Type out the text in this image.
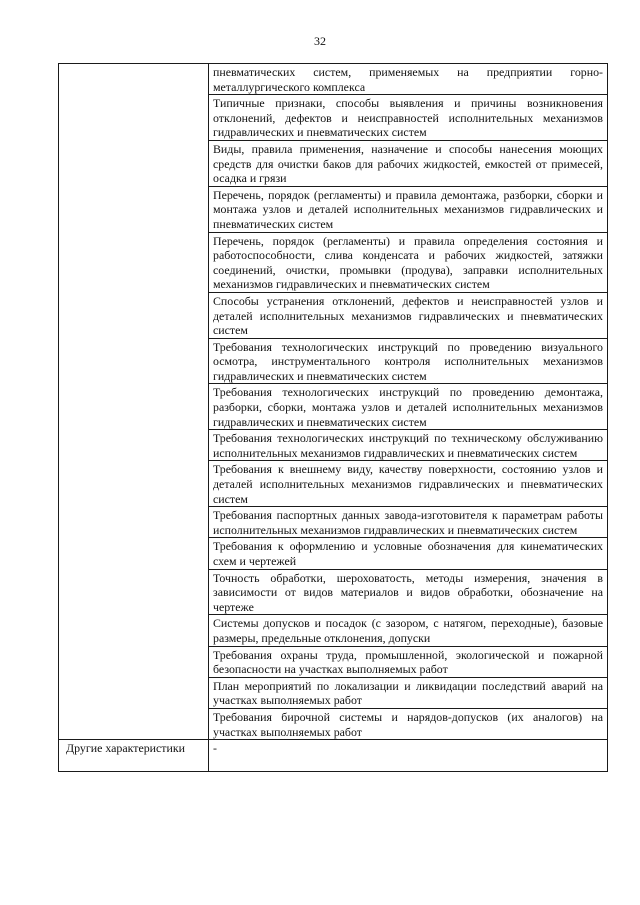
32
	пневматических систем, применяемых на предприятии горно-металлургического комплекса
	Типичные признаки, способы выявления и причины возникновения отклонений, дефектов и неисправностей исполнительных механизмов гидравлических и пневматических систем
	Виды, правила применения, назначение и способы нанесения моющих средств для очистки баков для рабочих жидкостей, емкостей от примесей, осадка и грязи
	Перечень, порядок (регламенты) и правила демонтажа, разборки, сборки и монтажа узлов и деталей исполнительных механизмов гидравлических и пневматических систем
	Перечень, порядок (регламенты) и правила определения состояния и работоспособности, слива конденсата и рабочих жидкостей, затяжки соединений, очистки, промывки (продува), заправки исполнительных механизмов гидравлических и пневматических систем
	Способы устранения отклонений, дефектов и неисправностей узлов и деталей исполнительных механизмов гидравлических и пневматических систем
	Требования технологических инструкций по проведению визуального осмотра, инструментального контроля исполнительных механизмов гидравлических и пневматических систем
	Требования технологических инструкций по проведению демонтажа, разборки, сборки, монтажа узлов и деталей исполнительных механизмов гидравлических и пневматических систем
	Требования технологических инструкций по техническому обслуживанию исполнительных механизмов гидравлических и пневматических систем
	Требования к внешнему виду, качеству поверхности, состоянию узлов и деталей исполнительных механизмов гидравлических и пневматических систем
	Требования паспортных данных завода-изготовителя к параметрам работы исполнительных механизмов гидравлических и пневматических систем
	Требования к оформлению и условные обозначения для кинематических схем и чертежей
	Точность обработки, шероховатость, методы измерения, значения в зависимости от видов материалов и видов обработки, обозначение на чертеже
	Системы допусков и посадок (с зазором, с натягом, переходные), базовые размеры, предельные отклонения, допуски
	Требования охраны труда, промышленной, экологической и пожарной безопасности на участках выполняемых работ
	План мероприятий по локализации и ликвидации последствий аварий на участках выполняемых работ
	Требования бирочной системы и нарядов-допусков (их аналогов) на участках выполняемых работ
Другие характеристики	-
